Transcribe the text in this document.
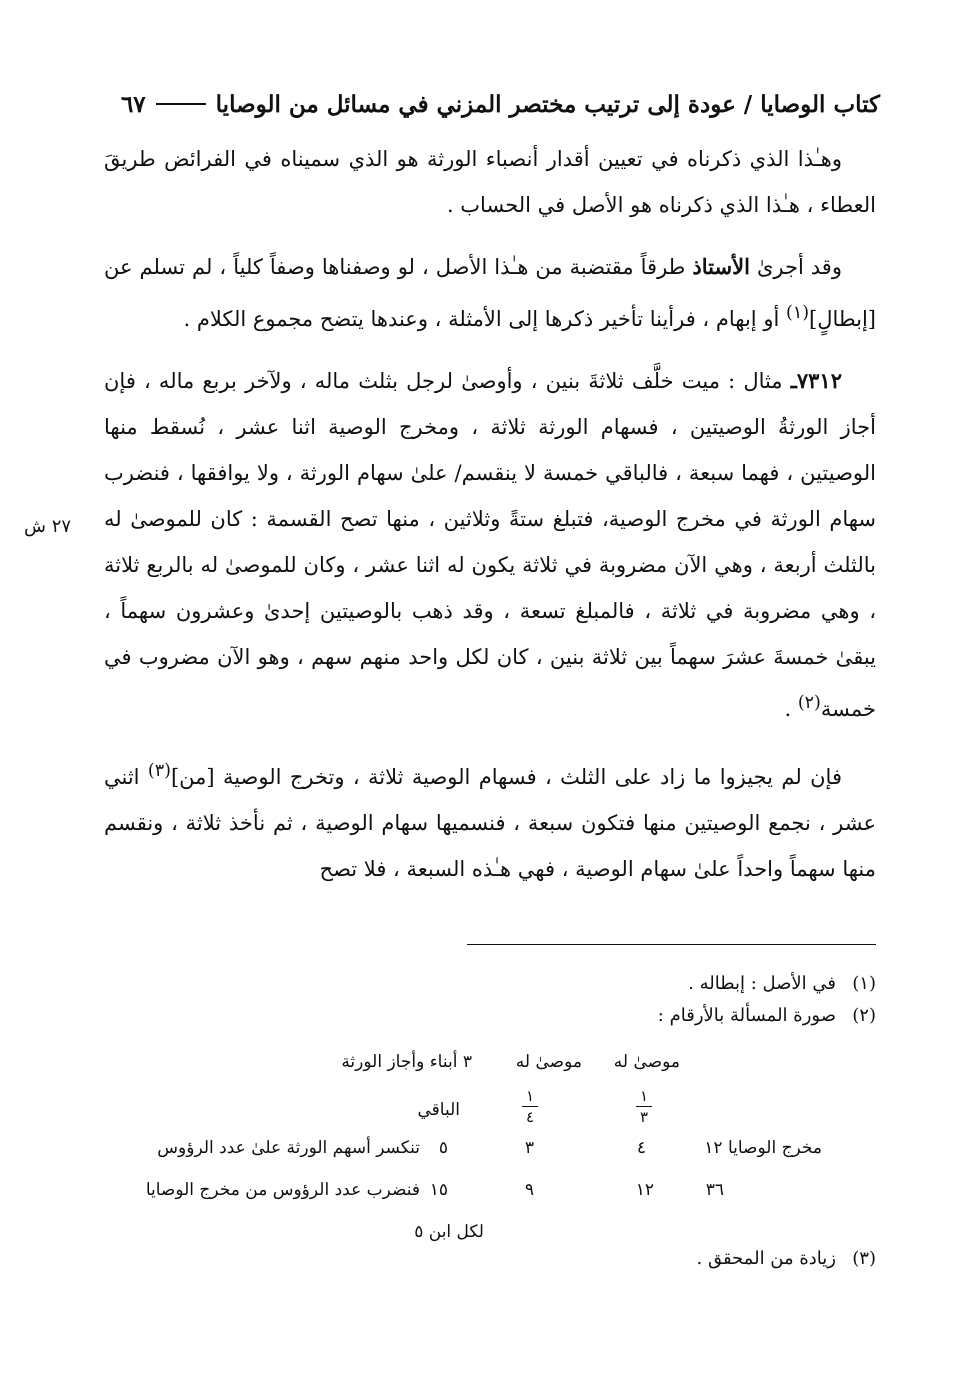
كتاب الوصايا / عودة إلى ترتيب مختصر المزني في مسائل من الوصايا
٦٧

وهـٰذا الذي ذكرناه في تعيين أقدار أنصباء الورثة هو الذي سميناه في الفرائض طريقَ العطاء ، هـٰذا الذي ذكرناه هو الأصل في الحساب .

وقد أجرىٰ الأستاذ طرقاً مقتضبة من هـٰذا الأصل ، لو وصفناها وصفاً كلياً ، لم تسلم عن [إبطالٍ]$^{(١)}$ أو إبهام ، فرأينا تأخير ذكرها إلى الأمثلة ، وعندها يتضح مجموع الكلام .

٧٣١٢ـ مثال : ميت خلَّف ثلاثةَ بنين ، وأوصىٰ لرجل بثلث ماله ، ولآخر بربع ماله ، فإن أجاز الورثةُ الوصيتين ، فسهام الورثة ثلاثة ، ومخرج الوصية اثنا عشر ، نُسقط منها الوصيتين ، فهما سبعة ، فالباقي خمسة لا ينقسم/ علىٰ سهام الورثة ، ولا يوافقها ، فنضرب سهام الورثة في مخرج الوصية، فتبلغ ستةً وثلاثين ، منها تصح القسمة : كان للموصىٰ له بالثلث أربعة ، وهي الآن مضروبة في ثلاثة يكون له اثنا عشر ، وكان للموصىٰ له بالربع ثلاثة ، وهي مضروبة في ثلاثة ، فالمبلغ تسعة ، وقد ذهب بالوصيتين إحدىٰ وعشرون سهماً ، يبقىٰ خمسةَ عشرَ سهماً بين ثلاثة بنين ، كان لكل واحد منهم سهم ، وهو الآن مضروب في خمسة$^{(٢)}$ .

فإن لم يجيزوا ما زاد على الثلث ، فسهام الوصية ثلاثة ، وتخرج الوصية [من]$^{(٣)}$ اثني عشر ، نجمع الوصيتين منها فتكون سبعة ، فنسميها سهام الوصية ، ثم نأخذ ثلاثة ، ونقسم منها سهماً واحداً علىٰ سهام الوصية ، فهي هـٰذه السبعة ، فلا تصح

٢٧ ش
(١)
في الأصل : إبطاله .
(٢)
صورة المسألة بالأرقام :
موصىٰ له
موصىٰ له
٣ أبناء وأجاز الورثة
١
٣
١
٤
الباقي
مخرج الوصايا ١٢
٤
٣
٥
تنكسر أسهم الورثة علىٰ عدد الرؤوس
٣٦
١٢
٩
١٥
فنضرب عدد الرؤوس من مخرج الوصايا
لكل ابن ٥
(٣)
زيادة من المحقق .
